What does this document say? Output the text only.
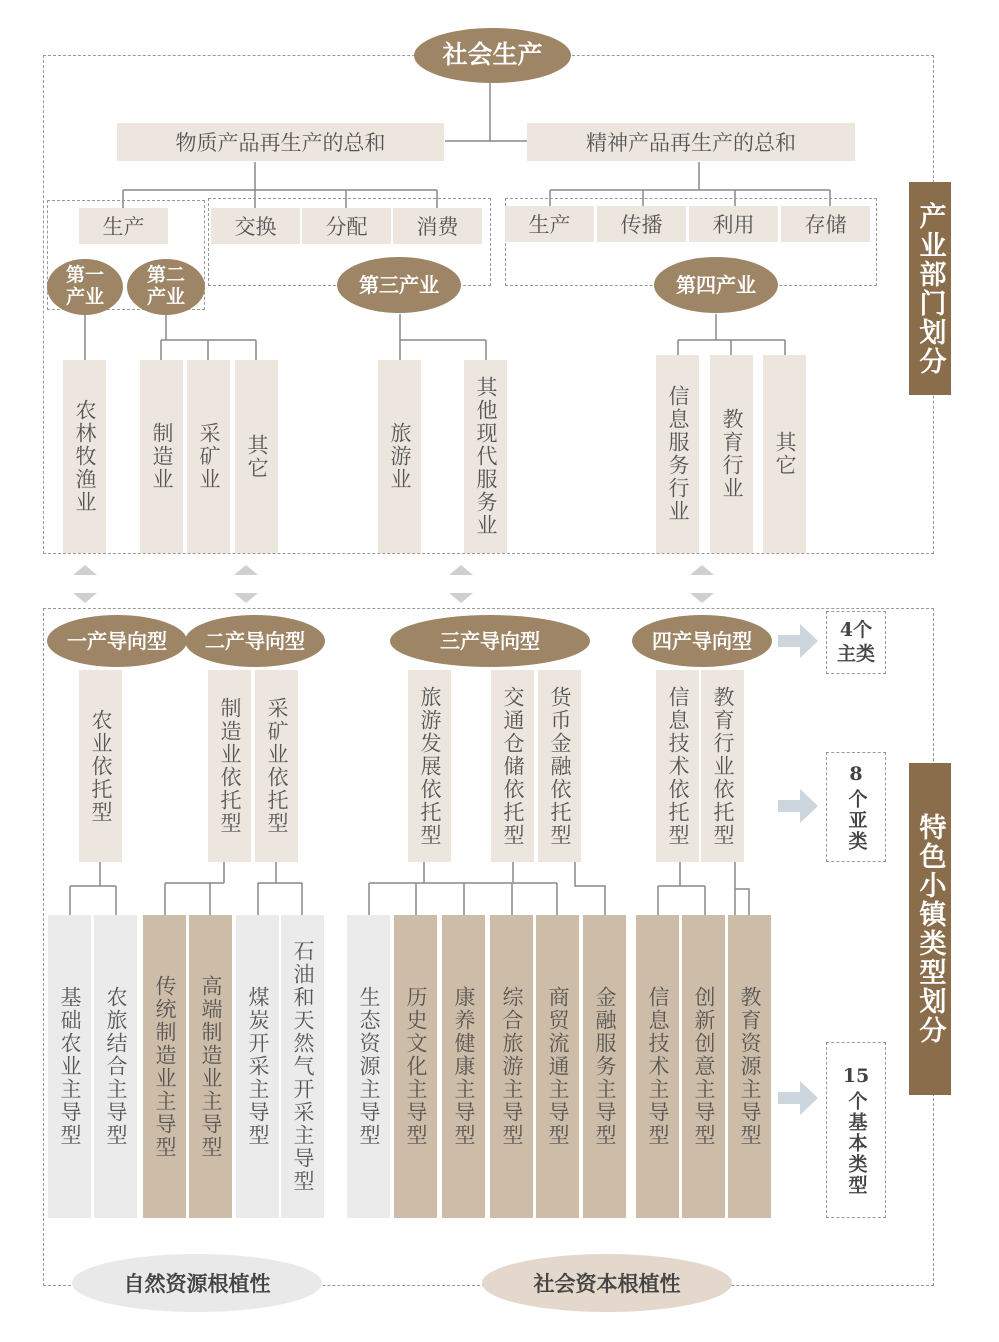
社会生产
物质产品再生产的总和	精神产品再生产的总和
生产	交换 分配 消费	生产 传播 利用 存储
第一产业
第二产业
第三产业	第四产业
农林牧渔业	制造业 采矿业 其它	旅游业	其他现代服务业	信息服务行业 教育行业 其它
产业部门划分
特色小镇类型划分
一产导向型 二产导向型	三产导向型	四产导向型
农业依托型	制造业依托型 采矿业依托型	旅游发展依托型	交通仓储依托型 货币金融依托型	信息技术依托型 教育行业依托型
基础农业主导型 农旅结合主导型 传统制造业主导型 高端制造业主导型 煤炭开采主导型 石油和天然气开采主导型 生态资源主导型 历史文化主导型 康养健康主导型 综合旅游主导型 商贸流通主导型 金融服务主导型 信息技术主导型 创新创意主导型 教育资源主导型
4个主类
8
个亚类
15
个基本类型
自然资源根植性	社会资本根植性
